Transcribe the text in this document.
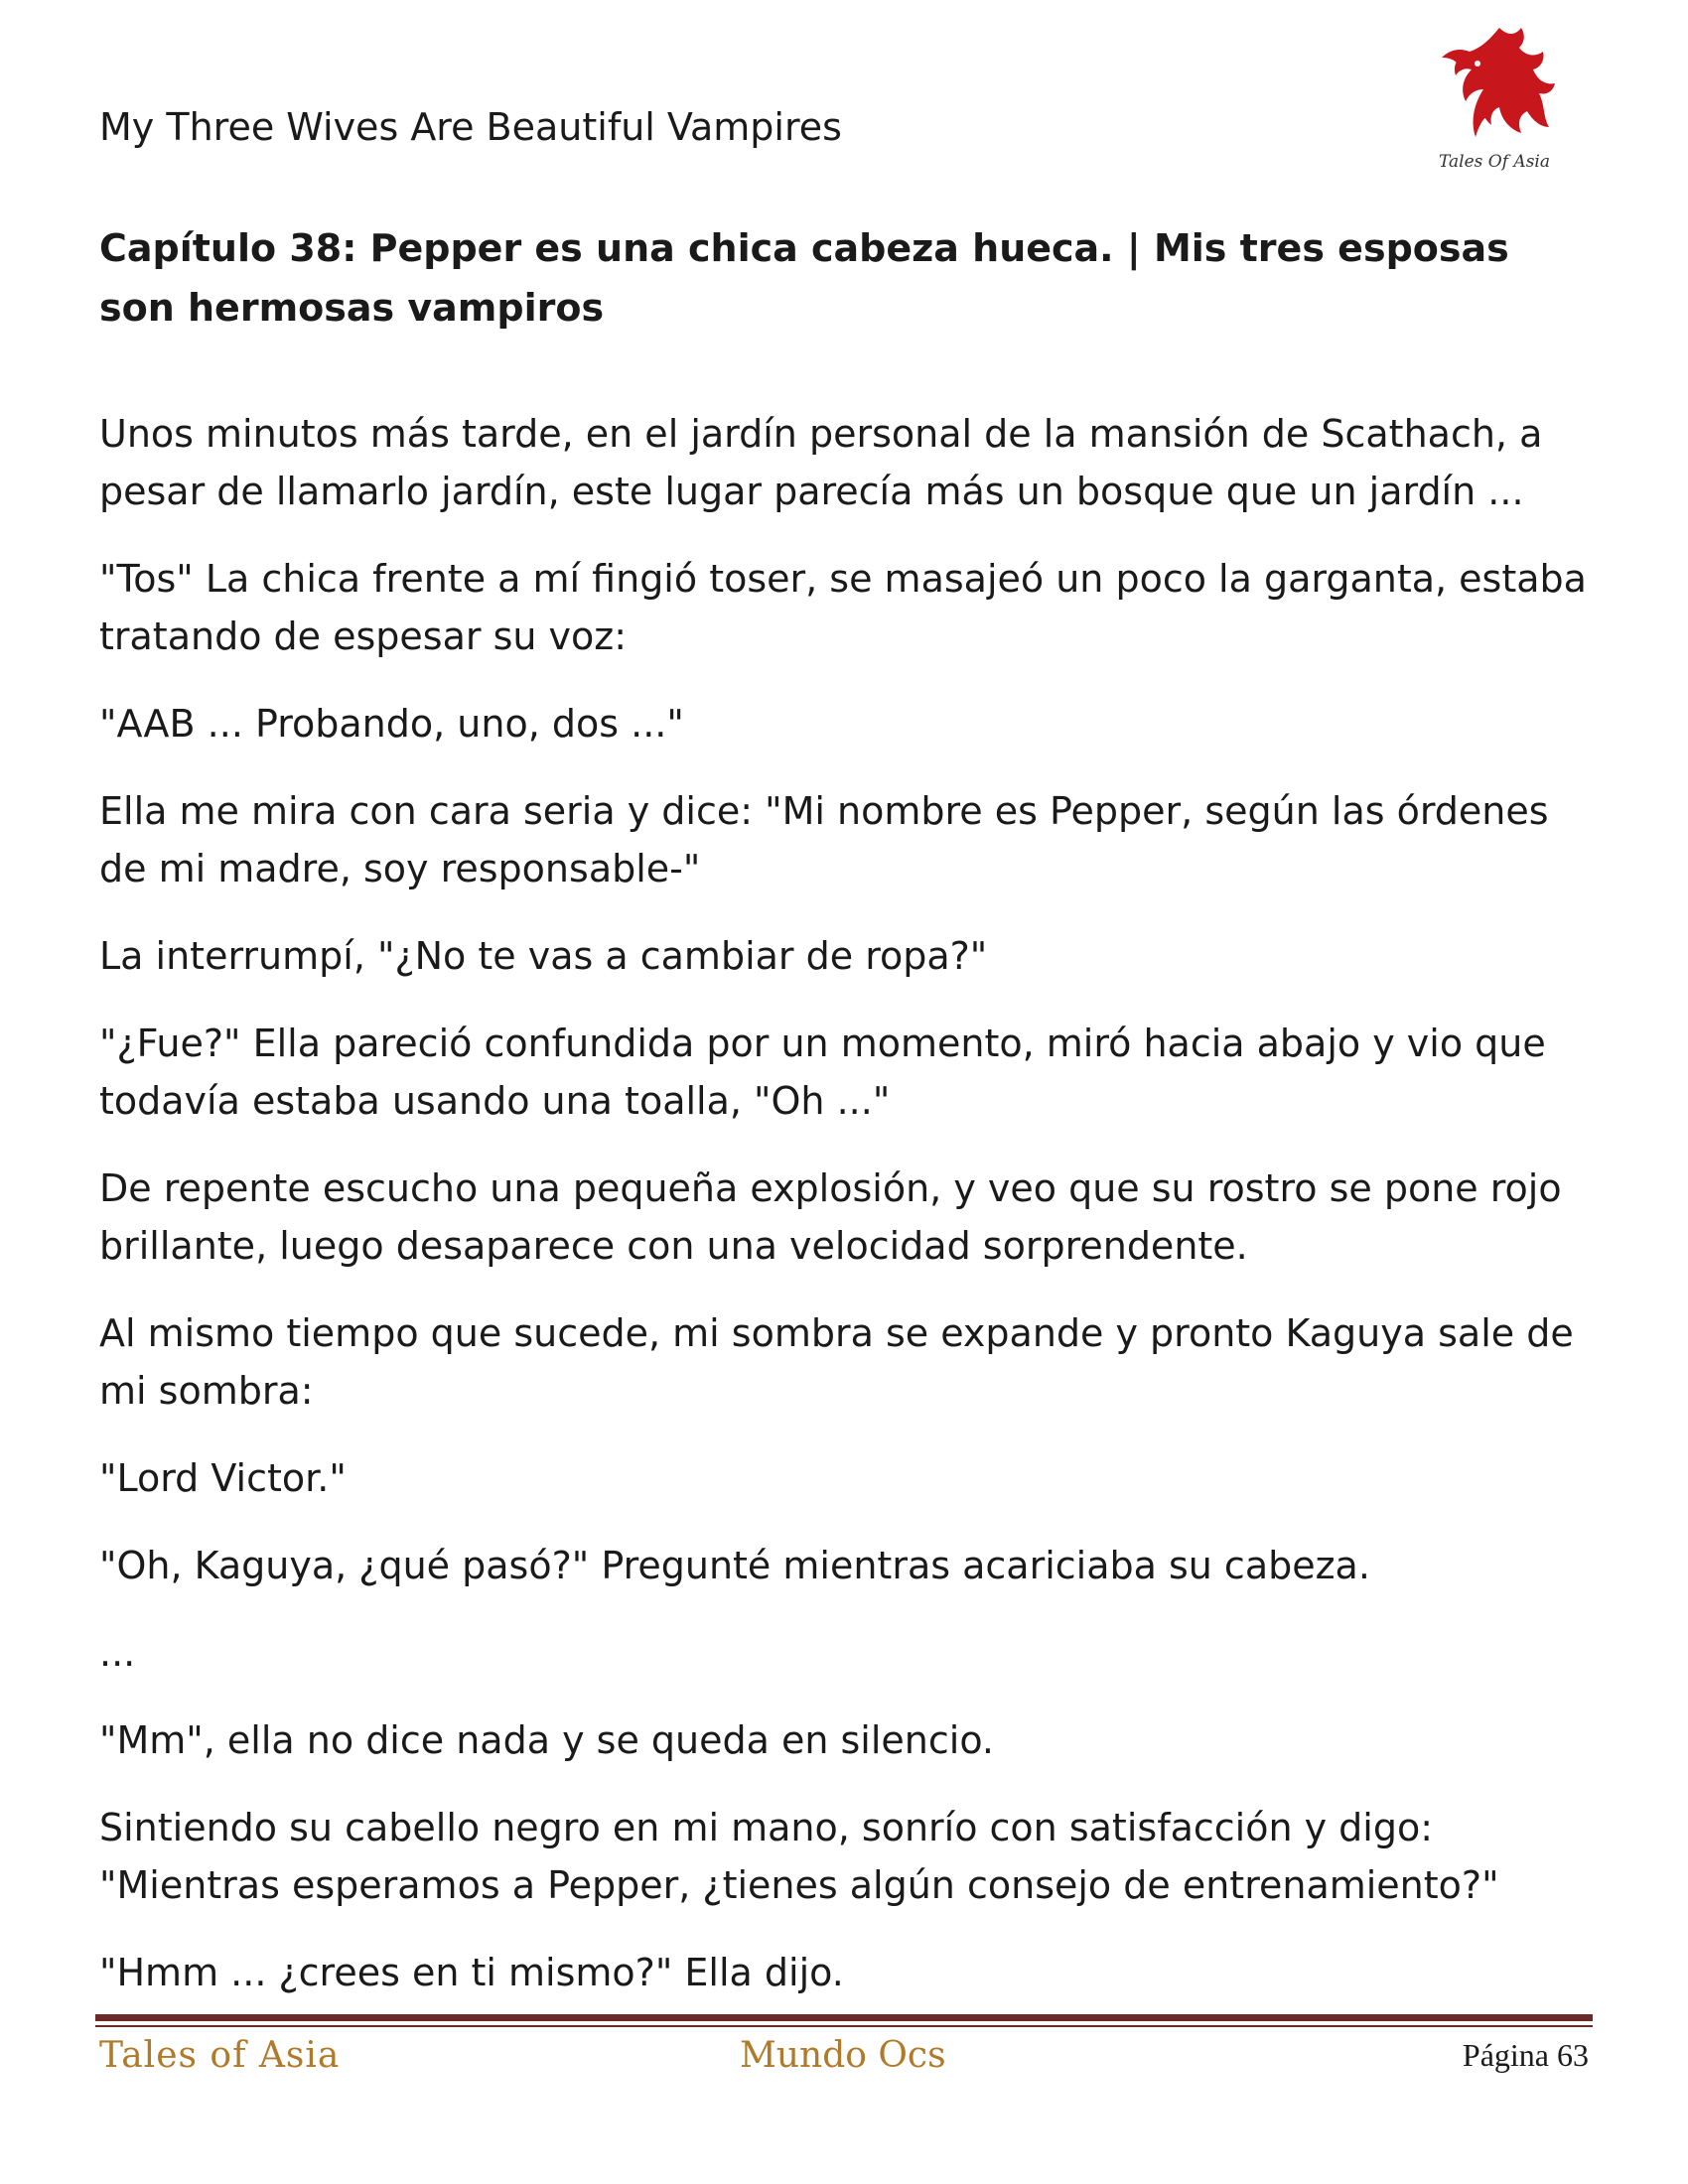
My Three Wives Are Beautiful Vampires
Tales Of Asia
Capítulo 38: Pepper es una chica cabeza hueca. | Mis tres esposas son hermosas vampiros

Unos minutos más tarde, en el jardín personal de la mansión de Scathach, a pesar de llamarlo jardín, este lugar parecía más un bosque que un jardín ...

"Tos" La chica frente a mí fingió toser, se masajeó un poco la garganta, estaba tratando de espesar su voz:

"AAB ... Probando, uno, dos ..."

Ella me mira con cara seria y dice: "Mi nombre es Pepper, según las órdenes de mi madre, soy responsable-"

La interrumpí, "¿No te vas a cambiar de ropa?"

"¿Fue?" Ella pareció confundida por un momento, miró hacia abajo y vio que todavía estaba usando una toalla, "Oh ..."

De repente escucho una pequeña explosión, y veo que su rostro se pone rojo brillante, luego desaparece con una velocidad sorprendente.

Al mismo tiempo que sucede, mi sombra se expande y pronto Kaguya sale de mi sombra:

"Lord Victor."

"Oh, Kaguya, ¿qué pasó?" Pregunté mientras acariciaba su cabeza.

...

"Mm", ella no dice nada y se queda en silencio.

Sintiendo su cabello negro en mi mano, sonrío con satisfacción y digo: "Mientras esperamos a Pepper, ¿tienes algún consejo de entrenamiento?"

"Hmm ... ¿crees en ti mismo?" Ella dijo.

Tales of Asia	Mundo Ocs	Página 63
